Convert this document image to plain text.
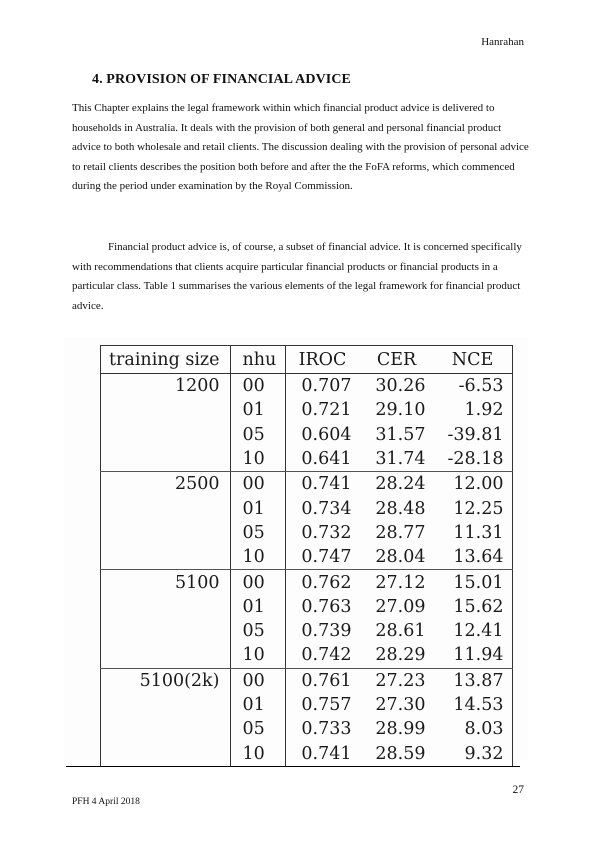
Hanrahan
4. PROVISION OF FINANCIAL ADVICE

This Chapter explains the legal framework within which financial product advice is delivered to households in Australia. It deals with the provision of both general and personal financial product advice to both wholesale and retail clients. The discussion dealing with the provision of personal advice to retail clients describes the position both before and after the the FoFA reforms, which commenced during the period under examination by the Royal Commission.

Financial product advice is, of course, a subset of financial advice. It is concerned specifically with recommendations that clients acquire particular financial products or financial products in a particular class. Table 1 summarises the various elements of the legal framework for financial product advice.

training size	nhu	IROC	CER	NCE
1200	00	0.707	30.26	-6.53
	01	0.721	29.10	1.92
	05	0.604	31.57	-39.81
	10	0.641	31.74	-28.18
2500	00	0.741	28.24	12.00
	01	0.734	28.48	12.25
	05	0.732	28.77	11.31
	10	0.747	28.04	13.64
5100	00	0.762	27.12	15.01
	01	0.763	27.09	15.62
	05	0.739	28.61	12.41
	10	0.742	28.29	11.94
5100(2k)	00	0.761	27.23	13.87
	01	0.757	27.30	14.53
	05	0.733	28.99	8.03
	10	0.741	28.59	9.32
27
PFH 4 April 2018
